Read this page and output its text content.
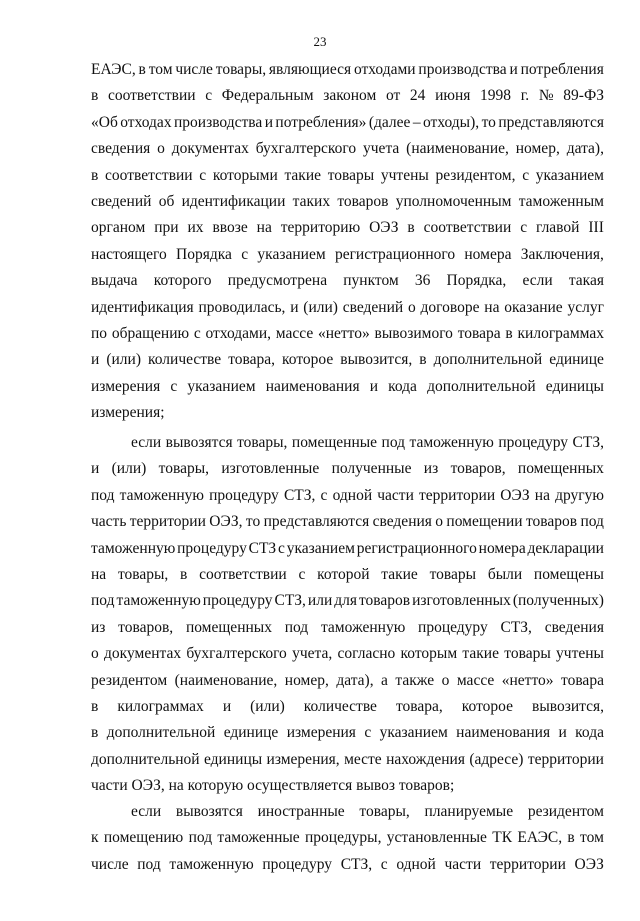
23
ЕАЭС, в том числе товары, являющиеся отходами производства и потребления
в соответствии с Федеральным законом от 24 июня 1998 г. № 89-ФЗ
«Об отходах производства и потребления» (далее – отходы), то представляются
сведения о документах бухгалтерского учета (наименование, номер, дата),
в соответствии с которыми такие товары учтены резидентом, с указанием
сведений об идентификации таких товаров уполномоченным таможенным
органом при их ввозе на территорию ОЭЗ в соответствии с главой III
настоящего Порядка с указанием регистрационного номера Заключения,
выдача которого предусмотрена пунктом 36 Порядка, если такая
идентификация проводилась, и (или) сведений о договоре на оказание услуг
по обращению с отходами, массе «нетто» вывозимого товара в килограммах
и (или) количестве товара, которое вывозится, в дополнительной единице
измерения с указанием наименования и кода дополнительной единицы
измерения;
если вывозятся товары, помещенные под таможенную процедуру СТЗ,
и (или) товары, изготовленные полученные из товаров, помещенных
под таможенную процедуру СТЗ, с одной части территории ОЭЗ на другую
часть территории ОЭЗ, то представляются сведения о помещении товаров под
таможенную процедуру СТЗ с указанием регистрационного номера декларации
на товары, в соответствии с которой такие товары были помещены
под таможенную процедуру СТЗ, или для товаров изготовленных (полученных)
из товаров, помещенных под таможенную процедуру СТЗ, сведения
о документах бухгалтерского учета, согласно которым такие товары учтены
резидентом (наименование, номер, дата), а также о массе «нетто» товара
в килограммах и (или) количестве товара, которое вывозится,
в дополнительной единице измерения с указанием наименования и кода
дополнительной единицы измерения, месте нахождения (адресе) территории
части ОЭЗ, на которую осуществляется вывоз товаров;
если вывозятся иностранные товары, планируемые резидентом
к помещению под таможенные процедуры, установленные ТК ЕАЭС, в том
числе под таможенную процедуру СТЗ, с одной части территории ОЭЗ
